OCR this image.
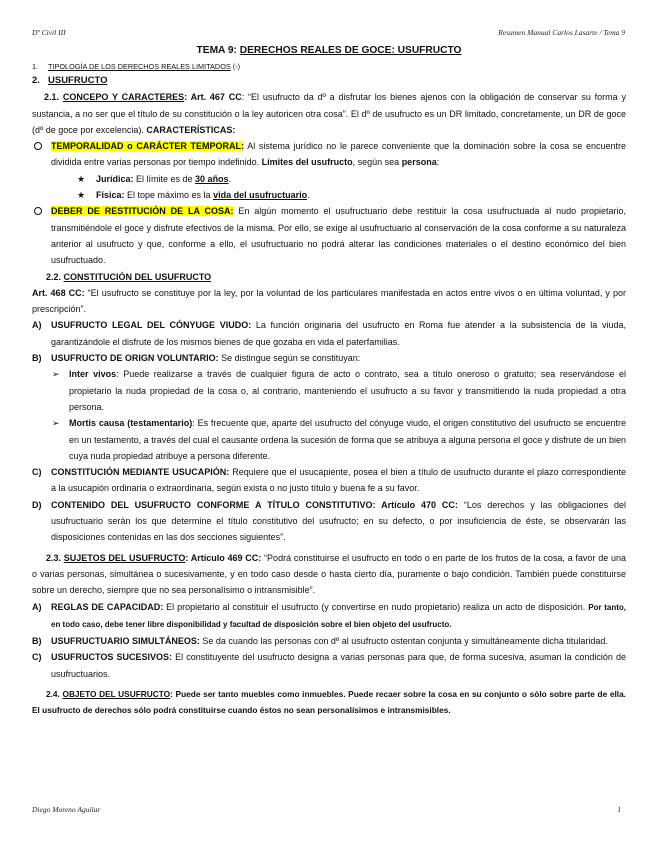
Dº Civil III	Resumen Manual Carlos Lasarte / Tema 9
TEMA 9: DERECHOS REALES DE GOCE: USUFRUCTO
1. TIPOLOGÍA DE LOS DERECHOS REALES LIMITADOS (-)
2. USUFRUCTO

2.1. CONCEPO Y CARACTERES: Art. 467 CC: “El usufructo da dº a disfrutar los bienes ajenos con la obligación de conservar su forma y sustancia, a no ser que el título de su constitución o la ley autoricen otra cosa”. El dº de usufructo es un DR limitado, concretamente, un DR de goce (dº de goce por excelencia). CARACTERÍSTICAS:

TEMPORALIDAD o CARÁCTER TEMPORAL: Al sistema jurídico no le parece conveniente que la dominación sobre la cosa se encuentre dividida entre varias personas por tiempo indefinido. Límites del usufructo, según sea persona:
★ Jurídica: El límite es de 30 años.
★ Física: El tope máximo es la vida del usufructuario.
DEBER DE RESTITUCIÓN DE LA COSA: En algún momento el usufructuario debe restituir la cosa usufructuada al nudo propietario, transmitiéndole el goce y disfrute efectivos de la misma. Por ello, se exige al usufructuario al conservación de la cosa conforme a su naturaleza anterior al usufructo y que, conforme a ello, el usufructuario no podrá alterar las condiciones materiales o el destino económico del bien usufructuado.
2.2. CONSTITUCIÓN DEL USUFRUCTO

Art. 468 CC: “El usufructo se constituye por la ley, por la voluntad de los particulares manifestada en actos entre vivos o en última voluntad, y por prescripción”.

A) USUFRUCTO LEGAL DEL CÓNYUGE VIUDO: La función originaria del usufructo en Roma fue atender a la subsistencia de la viuda, garantizándole el disfrute de los mismos bienes de que gozaba en vida el paterfamilias.
B) USUFRUCTO DE ORIGN VOLUNTARIO: Se distingue según se constituyan:
➢ Inter vivos: Puede realizarse a través de cualquier figura de acto o contrato, sea a título oneroso o gratuito; sea reservándose el propietario la nuda propiedad de la cosa o, al contrario, manteniendo el usufructo a su favor y transmitiendo la nuda propiedad a otra persona.
➢ Mortis causa (testamentario): Es frecuente que, aparte del usufructo del cónyuge viudo, el origen constitutivo del usufructo se encuentre en un testamento, a través del cual el causante ordena la sucesión de forma que se atribuya a alguna persona el goce y disfrute de un bien cuya nuda propiedad atribuye a persona diferente.
C) CONSTITUCIÓN MEDIANTE USUCAPIÓN: Requiere que el usucapiente, posea el bien a título de usufructo durante el plazo correspondiente a la usucapión ordinaria o extraordinaria, según exista o no justo título y buena fe a su favor.
D) CONTENIDO DEL USUFRUCTO CONFORME A TÍTULO CONSTITUTIVO: Artículo 470 CC: “Los derechos y las obligaciones del usufructuario serán los que determine el título constitutivo del usufructo; en su defecto, o por insuficiencia de éste, se observarán las disposiciones contenidas en las dos secciones siguientes”.

2.3. SUJETOS DEL USUFRUCTO: Artículo 469 CC: “Podrá constituirse el usufructo en todo o en parte de los frutos de la cosa, a favor de una o varias personas, simultánea o sucesivamente, y en todo caso desde o hasta cierto día, puramente o bajo condición. También puede constituirse sobre un derecho, siempre que no sea personalísimo o intransmisible”.

A) REGLAS DE CAPACIDAD: El propietario al constituir el usufructo (y convertirse en nudo propietario) realiza un acto de disposición. Por tanto, en todo caso, debe tener libre disponibilidad y facultad de disposición sobre el bien objeto del usufructo.
B) USUFRUCTUARIO SIMULTÁNEOS: Se da cuando las personas con dº al usufructo ostentan conjunta y simultáneamente dicha titularidad.
C) USUFRUCTOS SUCESIVOS: El constituyente del usufructo designa a varias personas para que, de forma sucesiva, asuman la condición de usufructuarios.

2.4. OBJETO DEL USUFRUCTO: Puede ser tanto muebles como inmuebles. Puede recaer sobre la cosa en su conjunto o sólo sobre parte de ella. El usufructo de derechos sólo podrá constituirse cuando éstos no sean personalísimos e intransmisibles.

Diego Moreno Aguilar	1
